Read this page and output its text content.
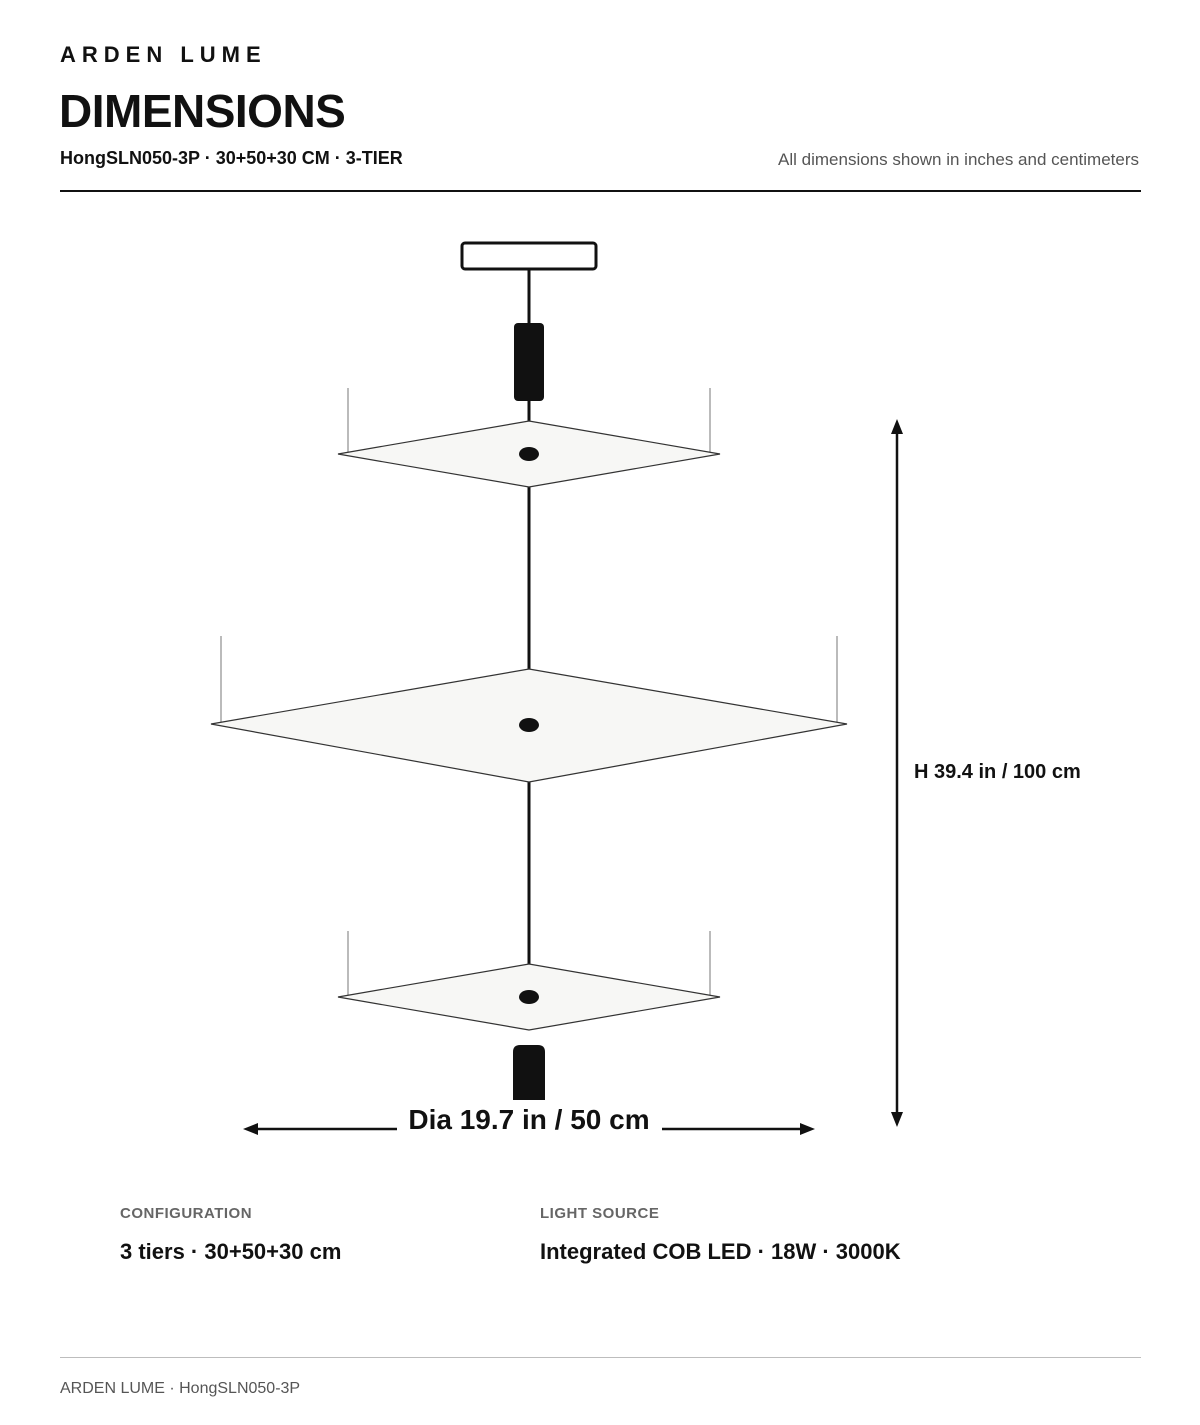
ARDEN LUME
DIMENSIONS
HongSLN050-3P · 30+50+30 CM · 3-TIER	All dimensions shown in inches and centimeters
H 39.4 in / 100 cm
Dia 19.7 in / 50 cm
CONFIGURATION
3 tiers · 30+50+30 cm
LIGHT SOURCE
Integrated COB LED · 18W · 3000K
ARDEN LUME · HongSLN050-3P
